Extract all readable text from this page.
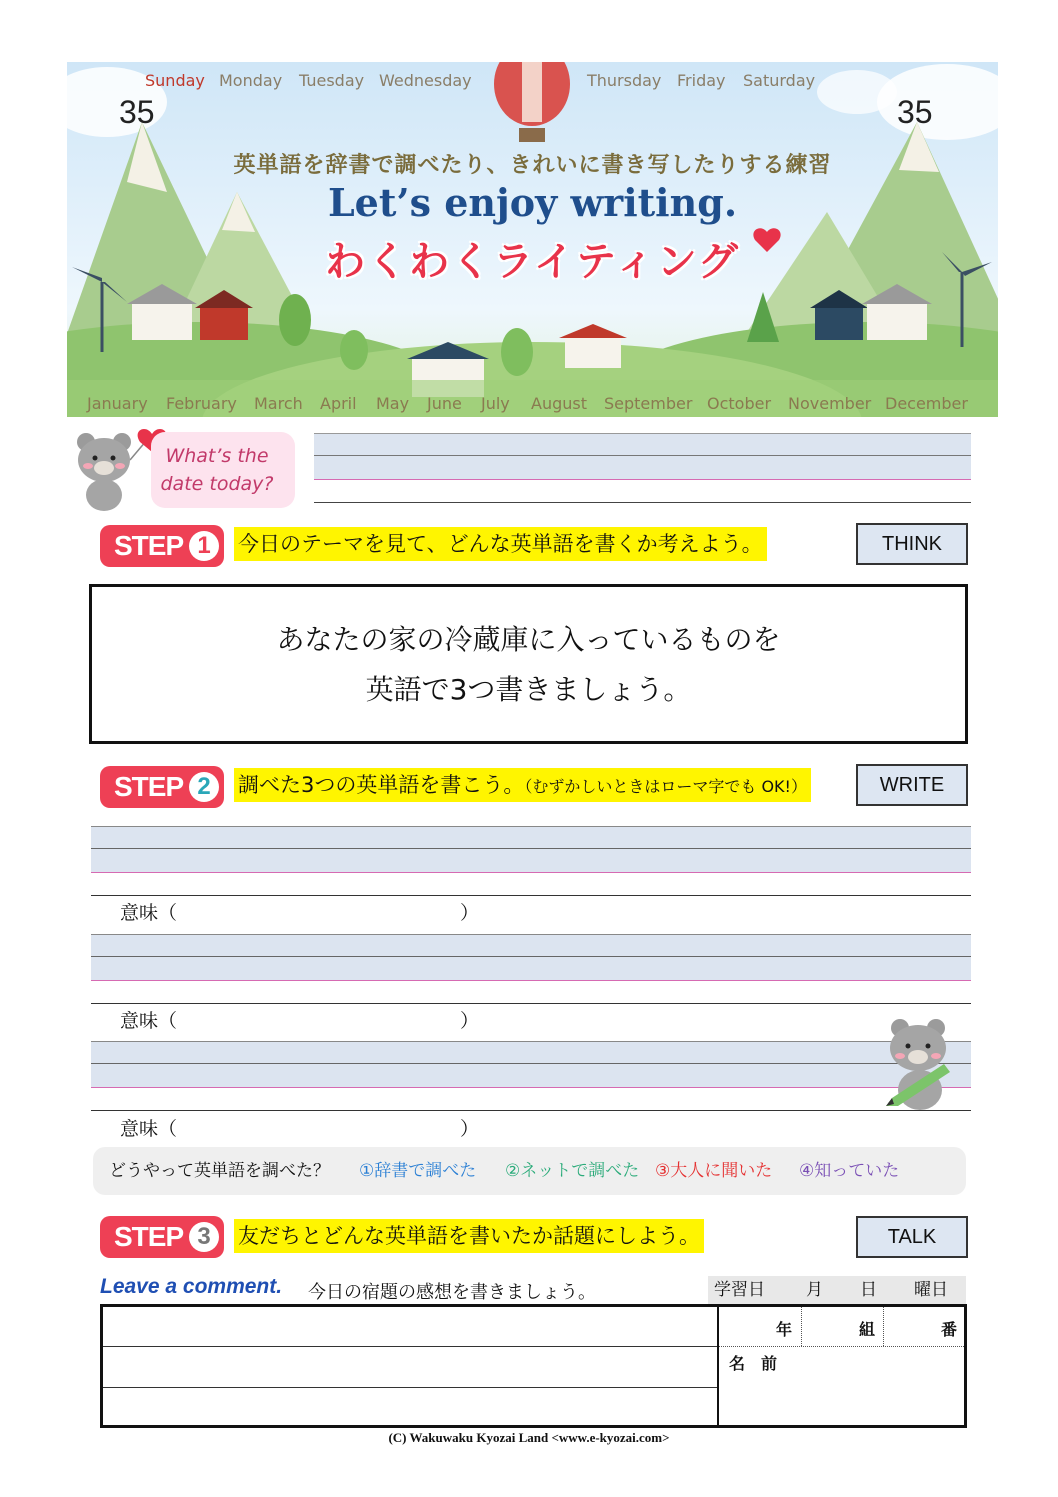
Sunday Monday Tuesday Wednesday	Thursday Friday Saturday
35	35
英単語を辞書で調べたり、きれいに書き写したりする練習
Let’s enjoy writing.
わくわくライティング
January February March April May June July August September October November December
What’s the
date today?
STEP 1	今日のテーマを見て、どんな英単語を書くか考えよう。	THINK
あなたの家の冷蔵庫に入っているものを
英語で3つ書きましょう。
STEP 2	調べた3つの英単語を書こう。（むずかしいときはローマ字でも OK!）	WRITE
意味（	）
意味（	）
意味（	）
どうやって英単語を調べた？ ①辞書で調べた ②ネットで調べた ③大人に聞いた ④知っていた
STEP 3	友だちとどんな英単語を書いたか話題にしよう。	TALK
Leave a comment. 今日の宿題の感想を書きましょう。	学習日 月 日 曜日
年	組	番
名　前
(C) Wakuwaku Kyozai Land <www.e-kyozai.com>
